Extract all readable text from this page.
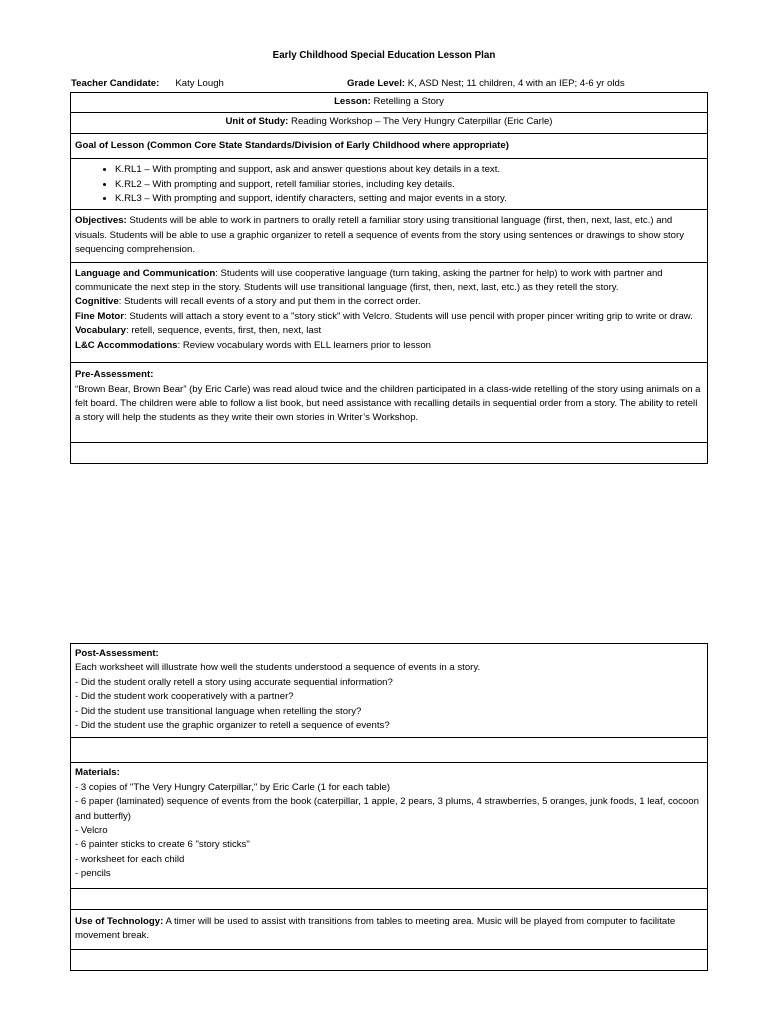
Early Childhood Special Education Lesson Plan
Teacher Candidate: Katy Lough	Grade Level: K, ASD Nest; 11 children, 4 with an IEP; 4-6 yr olds
Lesson: Retelling a Story
Unit of Study: Reading Workshop – The Very Hungry Caterpillar (Eric Carle)
Goal of Lesson (Common Core State Standards/Division of Early Childhood where appropriate)
• K.RL1 – With prompting and support, ask and answer questions about key details in a text.
• K.RL2 – With prompting and support, retell familiar stories, including key details.
• K.RL3 – With prompting and support, identify characters, setting and major events in a story.
Objectives: Students will be able to work in partners to orally retell a familiar story using transitional language (first, then, next, last, etc.) and visuals. Students will be able to use a graphic organizer to retell a sequence of events from the story using sentences or drawings to show story sequencing comprehension.
Language and Communication: Students will use cooperative language (turn taking, asking the partner for help) to work with partner and communicate the next step in the story. Students will use transitional language (first, then, next, last, etc.) as they retell the story.
Cognitive: Students will recall events of a story and put them in the correct order.
Fine Motor: Students will attach a story event to a "story stick" with Velcro. Students will use pencil with proper pincer writing grip to write or draw.
Vocabulary: retell, sequence, events, first, then, next, last
L&C Accommodations: Review vocabulary words with ELL learners prior to lesson
Pre-Assessment:
“Brown Bear, Brown Bear” (by Eric Carle) was read aloud twice and the children participated in a class-wide retelling of the story using animals on a felt board. The children were able to follow a list book, but need assistance with recalling details in sequential order from a story. The ability to retell a story will help the students as they write their own stories in Writer’s Workshop.
Post-Assessment:
Each worksheet will illustrate how well the students understood a sequence of events in a story.
- Did the student orally retell a story using accurate sequential information?
- Did the student work cooperatively with a partner?
- Did the student use transitional language when retelling the story?
- Did the student use the graphic organizer to retell a sequence of events?
Materials:
- 3 copies of "The Very Hungry Caterpillar," by Eric Carle (1 for each table)
- 6 paper (laminated) sequence of events from the book (caterpillar, 1 apple, 2 pears, 3 plums, 4 strawberries, 5 oranges, junk foods, 1 leaf, cocoon and butterfly)
- Velcro
- 6 painter sticks to create 6 "story sticks"
- worksheet for each child
- pencils
Use of Technology: A timer will be used to assist with transitions from tables to meeting area. Music will be played from computer to facilitate movement break.
